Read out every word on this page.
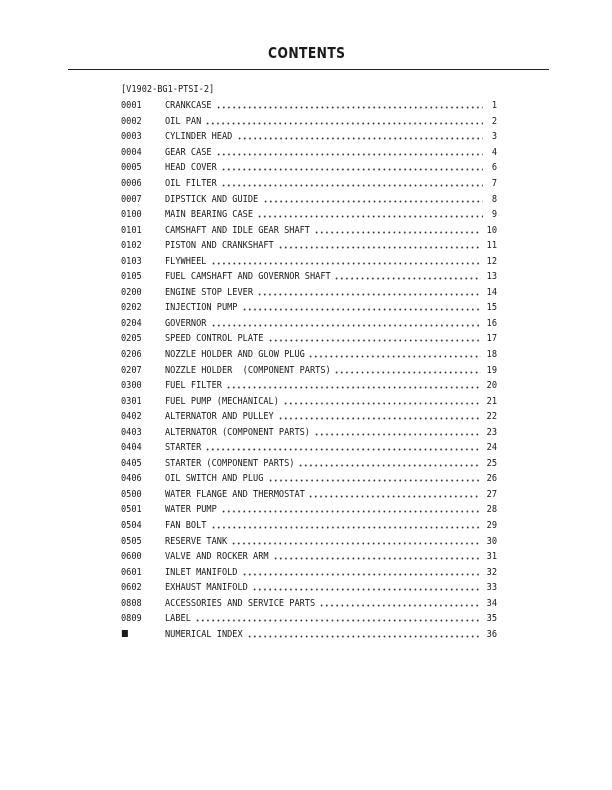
CONTENTS
[V1902-BG1-PTSI-2]
0001	CRANKCASE	1
0002	OIL PAN	2
0003	CYLINDER HEAD	3
0004	GEAR CASE	4
0005	HEAD COVER	6
0006	OIL FILTER	7
0007	DIPSTICK AND GUIDE	8
0100	MAIN BEARING CASE	9
0101	CAMSHAFT AND IDLE GEAR SHAFT	10
0102	PISTON AND CRANKSHAFT	11
0103	FLYWHEEL	12
0105	FUEL CAMSHAFT AND GOVERNOR SHAFT	13
0200	ENGINE STOP LEVER	14
0202	INJECTION PUMP	15
0204	GOVERNOR	16
0205	SPEED CONTROL PLATE	17
0206	NOZZLE HOLDER AND GLOW PLUG	18
0207	NOZZLE HOLDER  (COMPONENT PARTS)	19
0300	FUEL FILTER	20
0301	FUEL PUMP (MECHANICAL)	21
0402	ALTERNATOR AND PULLEY	22
0403	ALTERNATOR (COMPONENT PARTS)	23
0404	STARTER	24
0405	STARTER (COMPONENT PARTS)	25
0406	OIL SWITCH AND PLUG	26
0500	WATER FLANGE AND THERMOSTAT	27
0501	WATER PUMP	28
0504	FAN BOLT	29
0505	RESERVE TANK	30
0600	VALVE AND ROCKER ARM	31
0601	INLET MANIFOLD	32
0602	EXHAUST MANIFOLD	33
0808	ACCESSORIES AND SERVICE PARTS	34
0809	LABEL	35
NUMERICAL INDEX	36
